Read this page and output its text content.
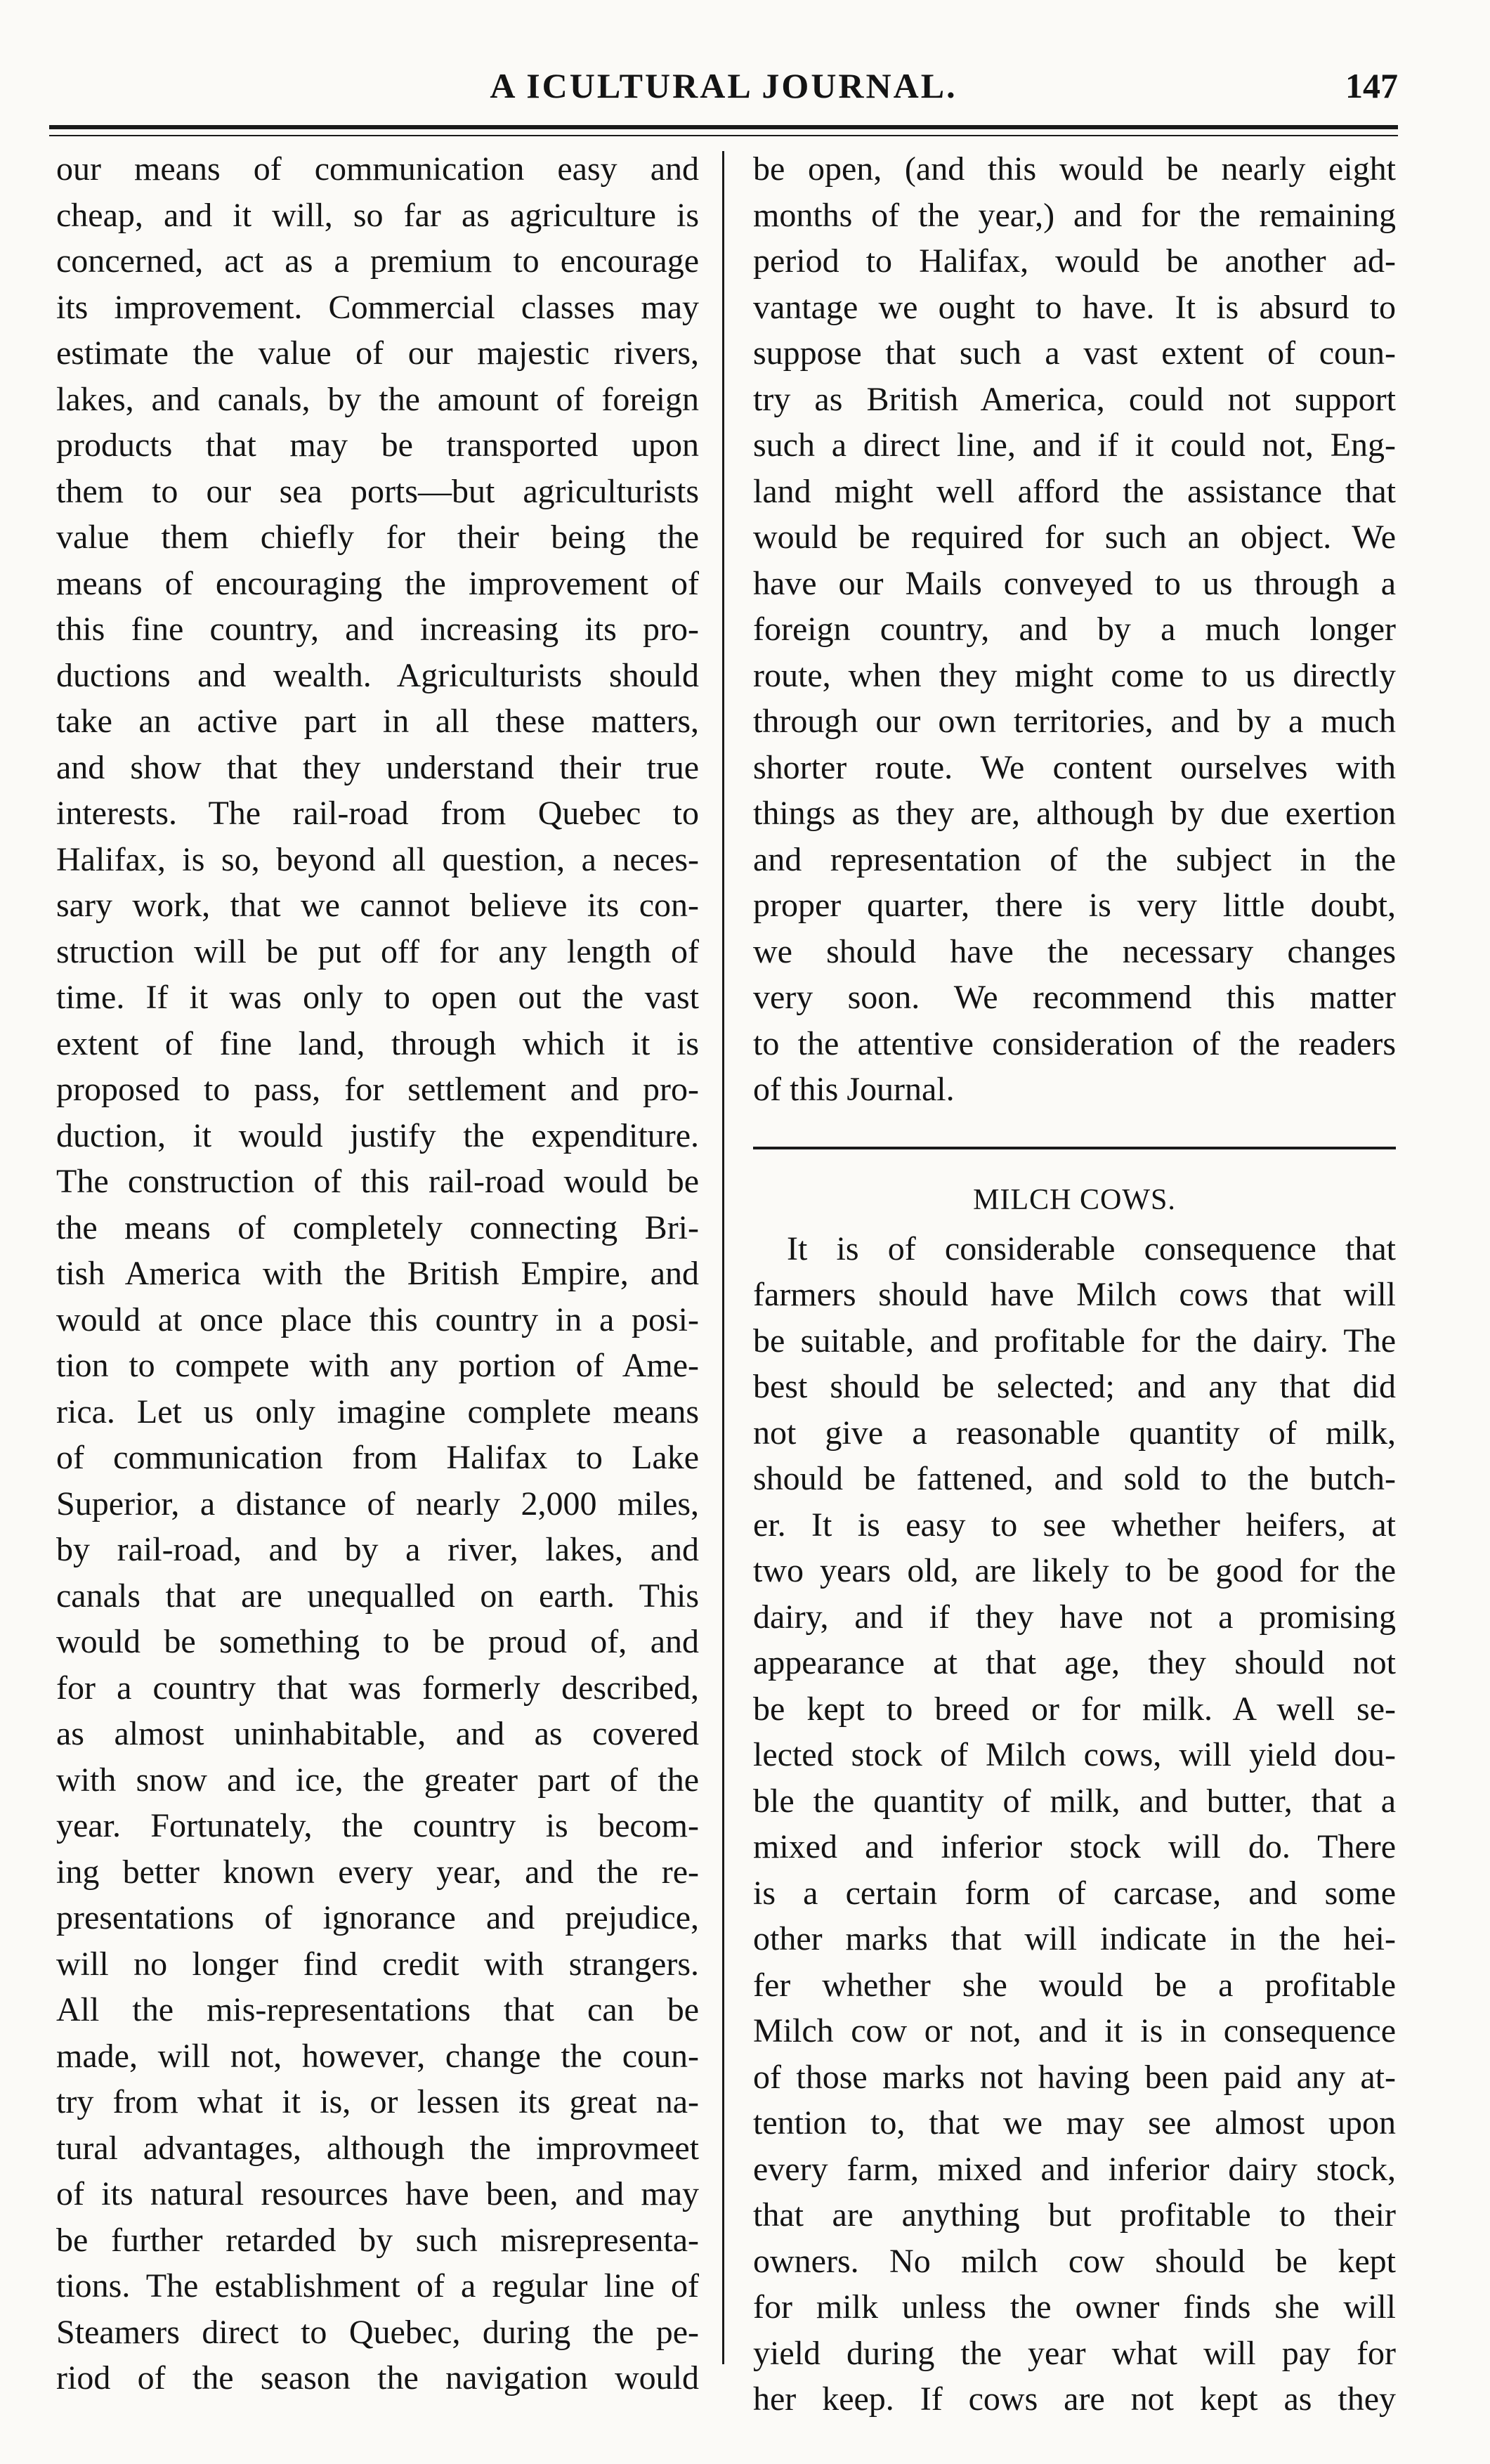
A ICULTURAL JOURNAL.	147
our means of communication easy and
cheap, and it will, so far as agriculture is
concerned, act as a premium to encourage
its improvement. Commercial classes may
estimate the value of our majestic rivers,
lakes, and canals, by the amount of foreign
products that may be transported upon
them to our sea ports—but agriculturists
value them chiefly for their being the
means of encouraging the improvement of
this fine country, and increasing its pro-
ductions and wealth. Agriculturists should
take an active part in all these matters,
and show that they understand their true
interests. The rail-road from Quebec to
Halifax, is so, beyond all question, a neces-
sary work, that we cannot believe its con-
struction will be put off for any length of
time. If it was only to open out the vast
extent of fine land, through which it is
proposed to pass, for settlement and pro-
duction, it would justify the expenditure.
The construction of this rail-road would be
the means of completely connecting Bri-
tish America with the British Empire, and
would at once place this country in a posi-
tion to compete with any portion of Ame-
rica. Let us only imagine complete means
of communication from Halifax to Lake
Superior, a distance of nearly 2,000 miles,
by rail-road, and by a river, lakes, and
canals that are unequalled on earth. This
would be something to be proud of, and
for a country that was formerly described,
as almost uninhabitable, and as covered
with snow and ice, the greater part of the
year. Fortunately, the country is becom-
ing better known every year, and the re-
presentations of ignorance and prejudice,
will no longer find credit with strangers.
All the mis-representations that can be
made, will not, however, change the coun-
try from what it is, or lessen its great na-
tural advantages, although the improvmeet
of its natural resources have been, and may
be further retarded by such misrepresenta-
tions. The establishment of a regular line of
Steamers direct to Quebec, during the pe-
riod of the season the navigation would
be open, (and this would be nearly eight
months of the year,) and for the remaining
period to Halifax, would be another ad-
vantage we ought to have. It is absurd to
suppose that such a vast extent of coun-
try as British America, could not support
such a direct line, and if it could not, Eng-
land might well afford the assistance that
would be required for such an object. We
have our Mails conveyed to us through a
foreign country, and by a much longer
route, when they might come to us directly
through our own territories, and by a much
shorter route. We content ourselves with
things as they are, although by due exertion
and representation of the subject in the
proper quarter, there is very little doubt,
we should have the necessary changes
very soon. We recommend this matter
to the attentive consideration of the readers
of this Journal.
MILCH COWS.
It is of considerable consequence that
farmers should have Milch cows that will
be suitable, and profitable for the dairy. The
best should be selected; and any that did
not give a reasonable quantity of milk,
should be fattened, and sold to the butch-
er. It is easy to see whether heifers, at
two years old, are likely to be good for the
dairy, and if they have not a promising
appearance at that age, they should not
be kept to breed or for milk. A well se-
lected stock of Milch cows, will yield dou-
ble the quantity of milk, and butter, that a
mixed and inferior stock will do. There
is a certain form of carcase, and some
other marks that will indicate in the hei-
fer whether she would be a profitable
Milch cow or not, and it is in consequence
of those marks not having been paid any at-
tention to, that we may see almost upon
every farm, mixed and inferior dairy stock,
that are anything but profitable to their
owners. No milch cow should be kept
for milk unless the owner finds she will
yield during the year what will pay for
her keep. If cows are not kept as they
